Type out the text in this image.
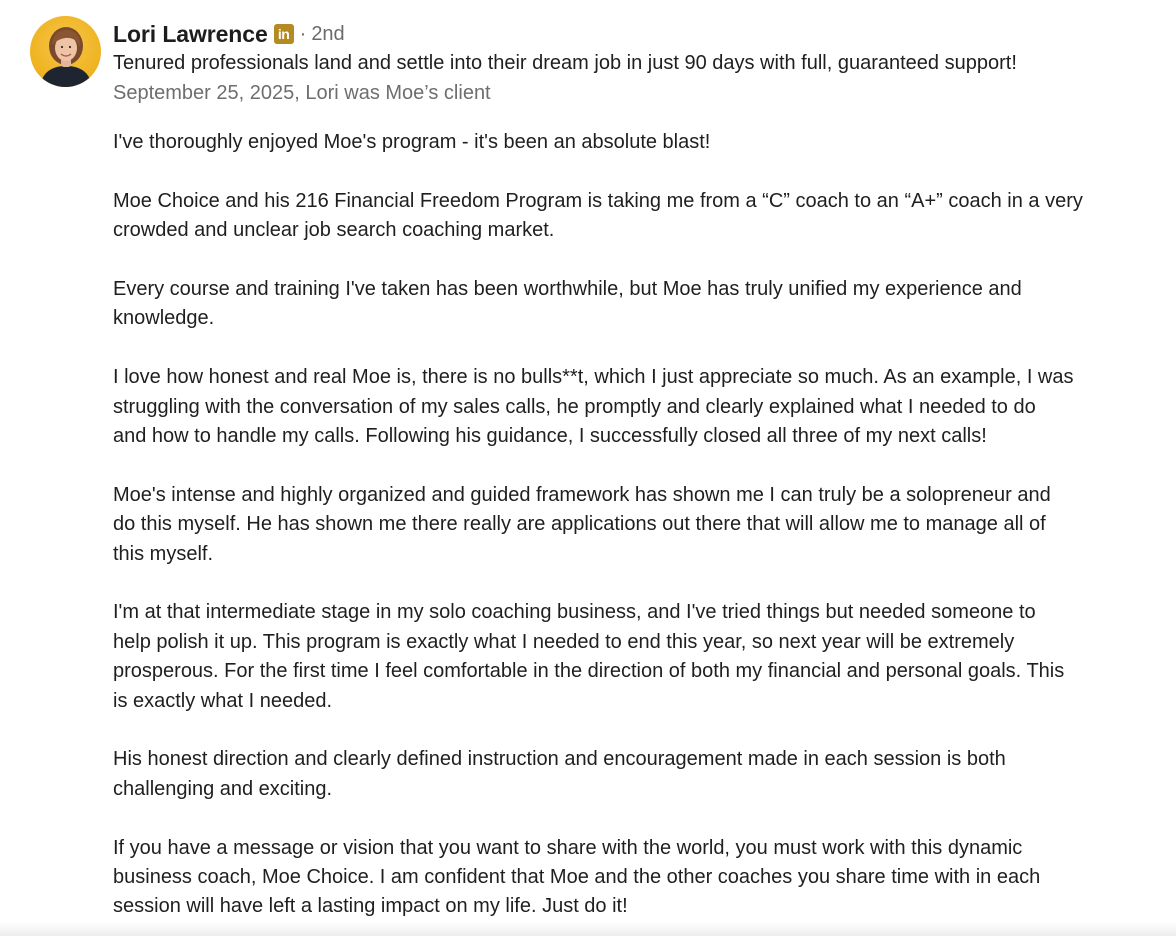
Lori Lawrence in · 2nd
Tenured professionals land and settle into their dream job in just 90 days with full, guaranteed support!
September 25, 2025, Lori was Moe’s client

I've thoroughly enjoyed Moe's program - it's been an absolute blast!

Moe Choice and his 216 Financial Freedom Program is taking me from a “C” coach to an “A+” coach in a very
crowded and unclear job search coaching market.

Every course and training I've taken has been worthwhile, but Moe has truly unified my experience and
knowledge.

I love how honest and real Moe is, there is no bulls**t, which I just appreciate so much. As an example, I was
struggling with the conversation of my sales calls, he promptly and clearly explained what I needed to do
and how to handle my calls. Following his guidance, I successfully closed all three of my next calls!

Moe's intense and highly organized and guided framework has shown me I can truly be a solopreneur and
do this myself. He has shown me there really are applications out there that will allow me to manage all of
this myself.

I'm at that intermediate stage in my solo coaching business, and I've tried things but needed someone to
help polish it up. This program is exactly what I needed to end this year, so next year will be extremely
prosperous. For the first time I feel comfortable in the direction of both my financial and personal goals. This
is exactly what I needed.

His honest direction and clearly defined instruction and encouragement made in each session is both
challenging and exciting.

If you have a message or vision that you want to share with the world, you must work with this dynamic
business coach, Moe Choice. I am confident that Moe and the other coaches you share time with in each
session will have left a lasting impact on my life. Just do it!
